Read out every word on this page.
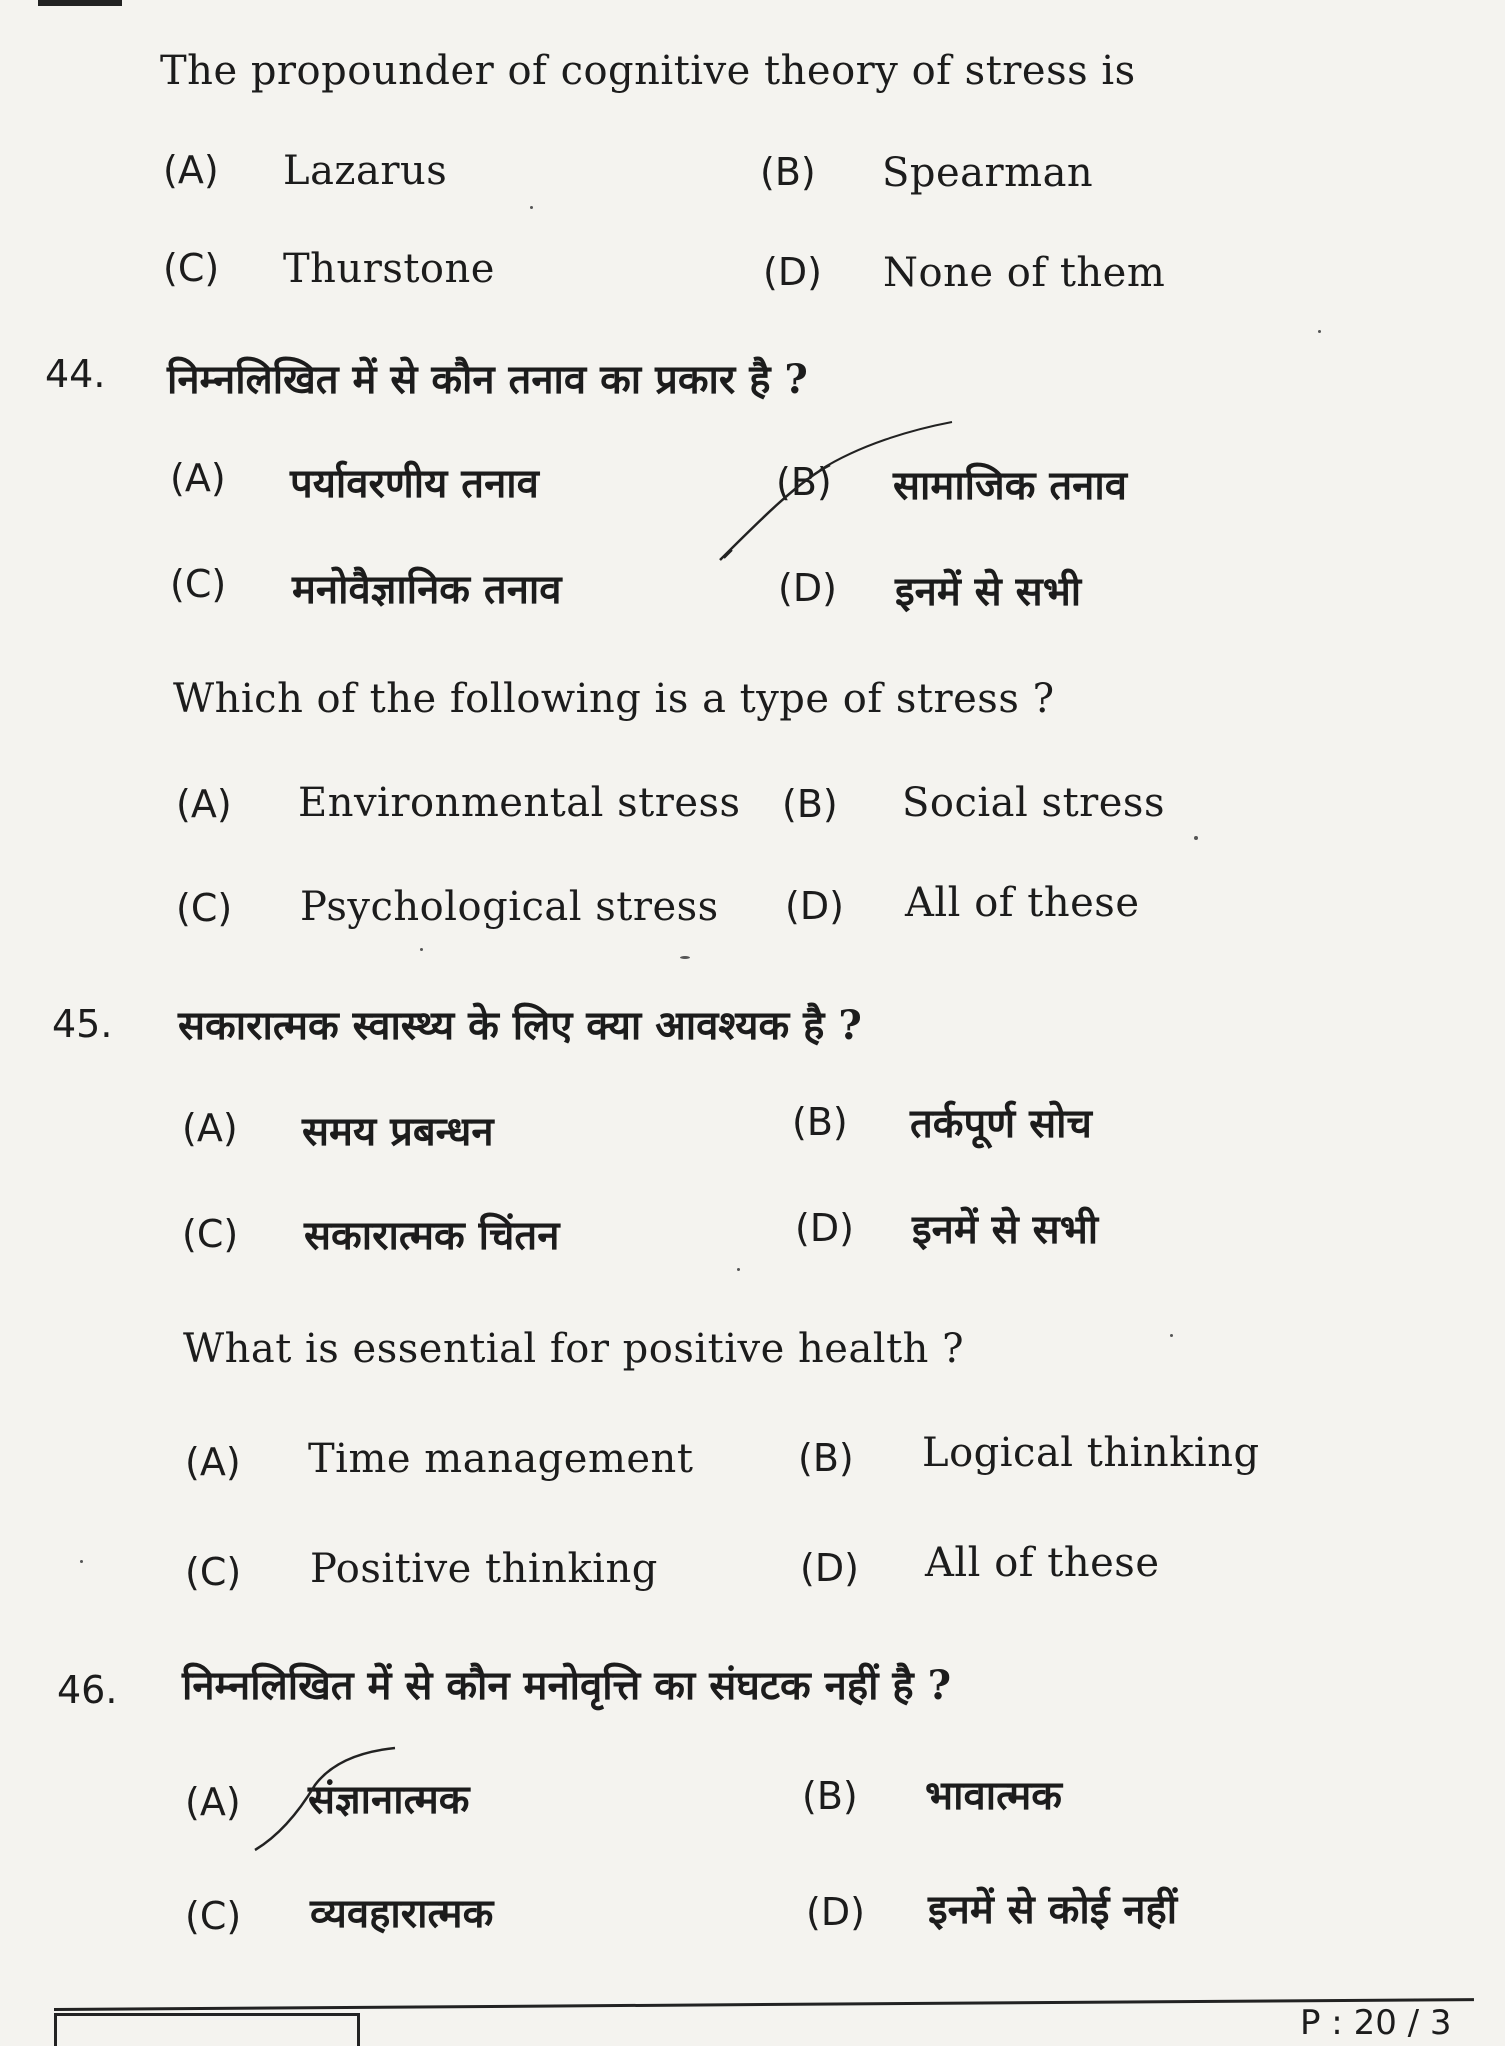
The propounder of cognitive theory of stress is
(A) Lazarus	(B) Spearman
(C) Thurstone	(D) None of them
44. निम्नलिखित में से कौन तनाव का प्रकार है ?
(A) पर्यावरणीय तनाव	(B) सामाजिक तनाव
(C) मनोवैज्ञानिक तनाव	(D) इनमें से सभी
Which of the following is a type of stress ?
(A) Environmental stress (B) Social stress
(C) Psychological stress (D) All of these
45. सकारात्मक स्वास्थ्य के लिए क्या आवश्यक है ?
(A) समय प्रबन्धन	(B) तर्कपूर्ण सोच
(C) सकारात्मक चिंतन	(D) इनमें से सभी
What is essential for positive health ?
(A) Time management	(B) Logical thinking
(C) Positive thinking	(D) All of these
46. निम्नलिखित में से कौन मनोवृत्ति का संघटक नहीं है ?
(A) संज्ञानात्मक	(B) भावात्मक
(C) व्यवहारात्मक	(D) इनमें से कोई नहीं
P : 20 / 3
